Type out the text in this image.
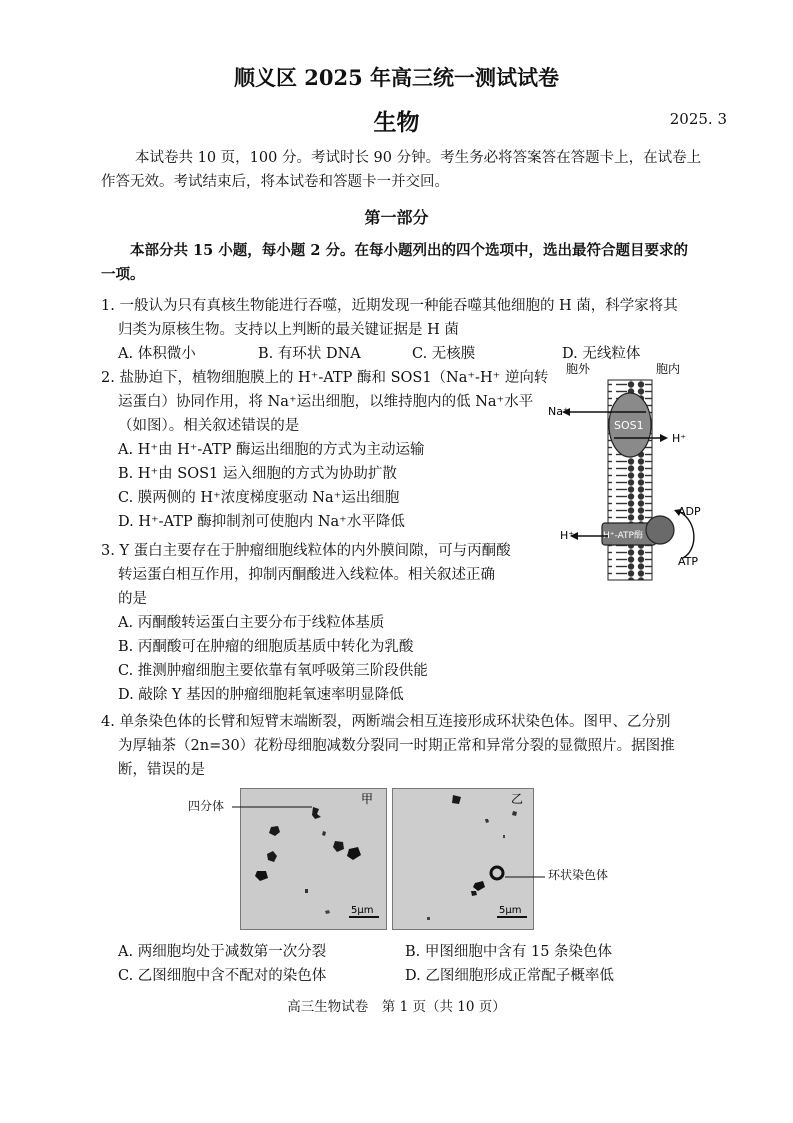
顺义区 2025 年高三统一测试试卷
生物	2025. 3
本试卷共 10 页，100 分。考试时长 90 分钟。考生务必将答案答在答题卡上，在试卷上
作答无效。考试结束后，将本试卷和答题卡一并交回。
第一部分
本部分共 15 小题，每小题 2 分。在每小题列出的四个选项中，选出最符合题目要求的
一项。
1. 一般认为只有真核生物能进行吞噬，近期发现一种能吞噬其他细胞的 H 菌，科学家将其
归类为原核生物。支持以上判断的最关键证据是 H 菌
A. 体积微小	B. 有环状 DNA	C. 无核膜	D. 无线粒体
2. 盐胁迫下，植物细胞膜上的 H⁺-ATP 酶和 SOS1（Na⁺-H⁺ 逆向转
运蛋白）协同作用，将 Na⁺运出细胞，以维持胞内的低 Na⁺水平
（如图）。相关叙述错误的是
A. H⁺由 H⁺-ATP 酶运出细胞的方式为主动运输
B. H⁺由 SOS1 运入细胞的方式为协助扩散
C. 膜两侧的 H⁺浓度梯度驱动 Na⁺运出细胞
D. H⁺-ATP 酶抑制剂可使胞内 Na⁺水平降低
胞外	胞内
SOS1
Na⁺
H⁺
H⁺-ATP酶
H⁺
ADP
ATP
3. Y 蛋白主要存在于肿瘤细胞线粒体的内外膜间隙，可与丙酮酸
转运蛋白相互作用，抑制丙酮酸进入线粒体。相关叙述正确
的是
A. 丙酮酸转运蛋白主要分布于线粒体基质
B. 丙酮酸可在肿瘤的细胞质基质中转化为乳酸
C. 推测肿瘤细胞主要依靠有氧呼吸第三阶段供能
D. 敲除 Y 基因的肿瘤细胞耗氧速率明显降低
4. 单条染色体的长臂和短臂末端断裂，两断端会相互连接形成环状染色体。图甲、乙分别
为厚轴茶（2n=30）花粉母细胞减数分裂同一时期正常和异常分裂的显微照片。据图推
断，错误的是
甲
5μm
乙
5μm
四分体
环状染色体
A. 两细胞均处于减数第一次分裂	B. 甲图细胞中含有 15 条染色体
C. 乙图细胞中含不配对的染色体	D. 乙图细胞形成正常配子概率低
高三生物试卷　第 1 页（共 10 页）
